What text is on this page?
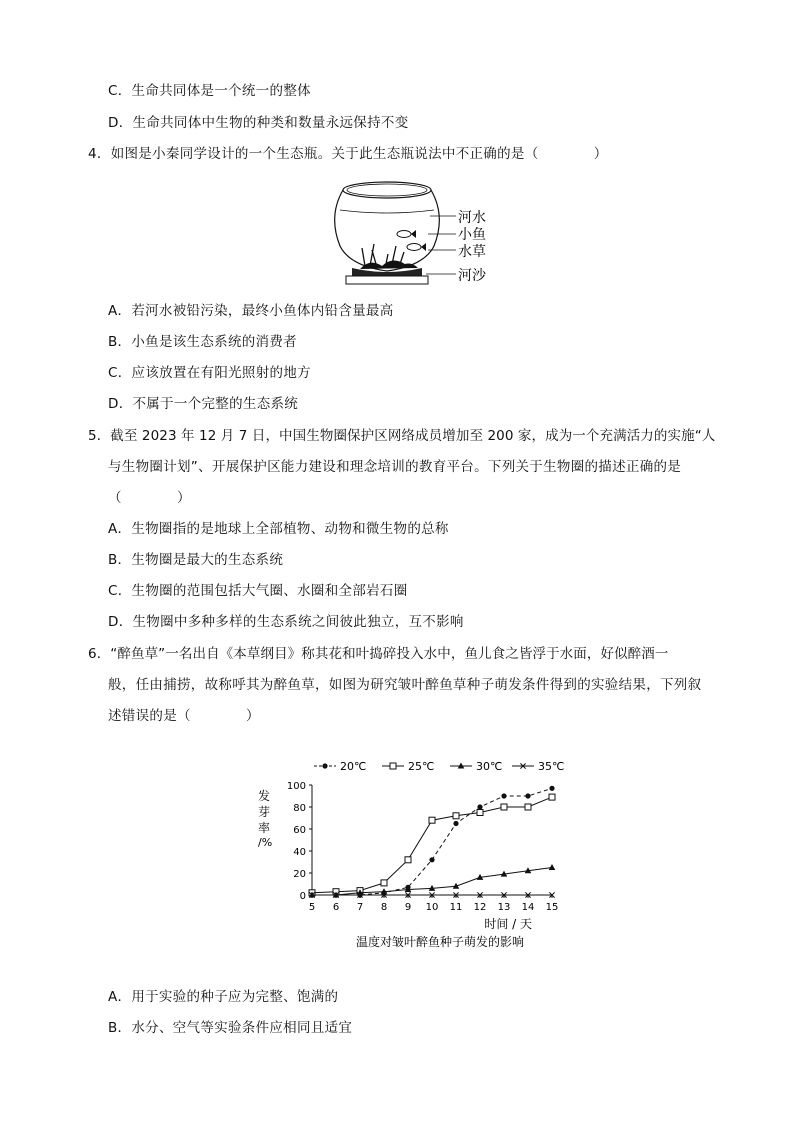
C．生命共同体是一个统一的整体
D．生命共同体中生物的种类和数量永远保持不变
4．如图是小秦同学设计的一个生态瓶。关于此生态瓶说法中不正确的是（　　　　）
河水
小鱼
水草
河沙
A．若河水被铅污染，最终小鱼体内铅含量最高
B．小鱼是该生态系统的消费者
C．应该放置在有阳光照射的地方
D．不属于一个完整的生态系统
5．截至 2023 年 12 月 7 日，中国生物圈保护区网络成员增加至 200 家，成为一个充满活力的实施“人
与生物圈计划”、开展保护区能力建设和理念培训的教育平台。下列关于生物圈的描述正确的是
（　　　　）
A．生物圈指的是地球上全部植物、动物和微生物的总称
B．生物圈是最大的生态系统
C．生物圈的范围包括大气圈、水圈和全部岩石圈
D．生物圈中多种多样的生态系统之间彼此独立，互不影响
6．“醉鱼草”一名出自《本草纲目》称其花和叶捣碎投入水中，鱼儿食之皆浮于水面，好似醉酒一
般，任由捕捞，故称呼其为醉鱼草，如图为研究皱叶醉鱼草种子萌发条件得到的实验结果，下列叙
述错误的是（　　　　）
20℃	25℃	30℃	35℃
0
20
40
60
80
100
5 6 7 8 9 10 11 12 13 14 15
发
芽
率
/%
时间 / 天
温度对皱叶醉鱼种子萌发的影响
A．用于实验的种子应为完整、饱满的
B．水分、空气等实验条件应相同且适宜
